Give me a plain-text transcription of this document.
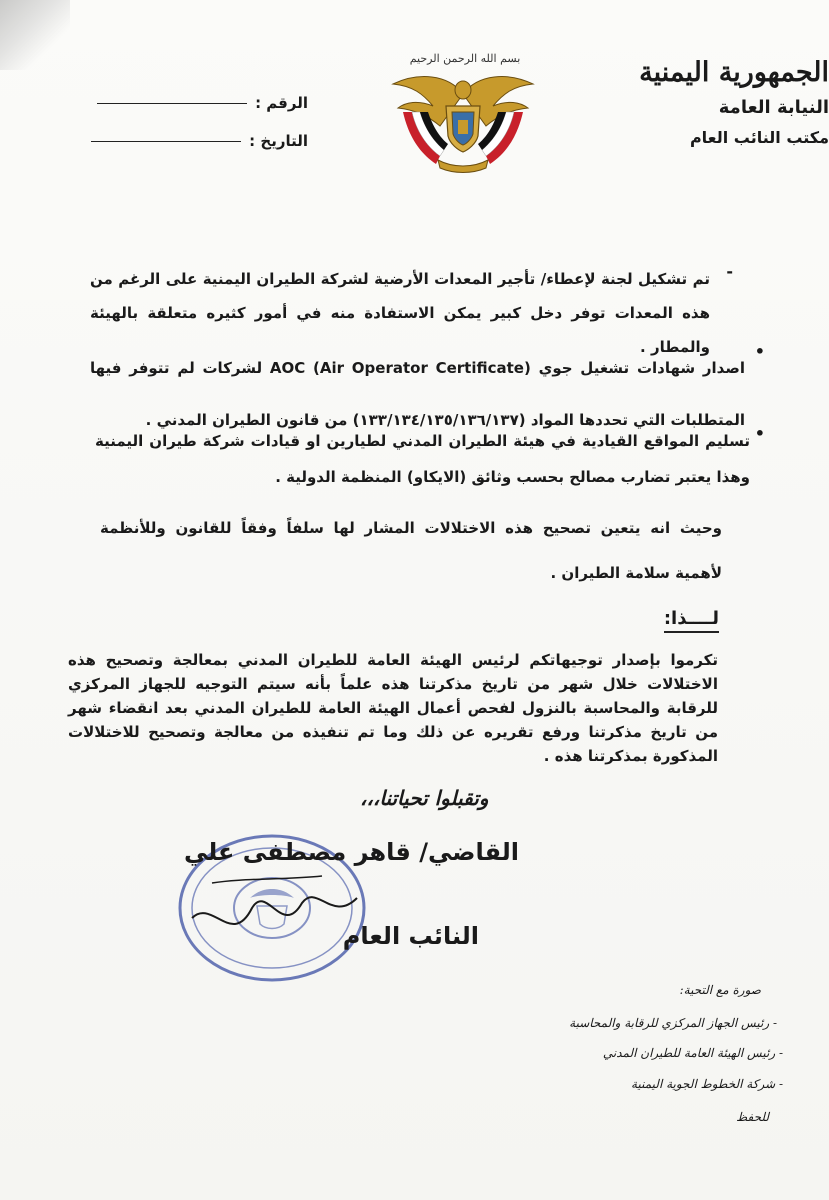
الجمهورية اليمنية
النيابة العامة
مكتب النائب العام
بسم الله الرحمن الرحيم
الرقم :
التاريخ :
-
تم تشكيل لجنة لإعطاء/ تأجير المعدات الأرضية لشركة الطيران اليمنية على الرغم من هذه المعدات توفر دخل كبير يمكن الاستفادة منه في أمور كثيره متعلقة بالهيئة والمطار .	•
اصدار شهادات تشغيل جوي AOC (Air Operator Certificate) لشركات لم تتوفر فيها المتطلبات التي تحددها المواد (١٣٣/١٣٤/١٣٥/١٣٦/١٣٧) من قانون الطيران المدني .
•
تسليم المواقع القيادية في هيئة الطيران المدني لطيارين او قيادات شركة طيران اليمنية وهذا يعتبر تضارب مصالح بحسب وثائق (الايكاو) المنظمة الدولية .
وحيث انه يتعين تصحيح هذه الاختلالات المشار لها سلفاً وفقاً للقانون وللأنظمة لأهمية سلامة الطيران .
لــــذا:
تكرموا بإصدار توجيهاتكم لرئيس الهيئة العامة للطيران المدني بمعالجة وتصحيح هذه الاختلالات خلال شهر من تاريخ مذكرتنا هذه علماً بأنه سيتم التوجيه للجهاز المركزي للرقابة والمحاسبة بالنزول لفحص أعمال الهيئة العامة للطيران المدني بعد انقضاء شهر من تاريخ مذكرتنا ورفع تقريره عن ذلك وما تم تنفيذه من معالجة وتصحيح للاختلالات المذكورة بمذكرتنا هذه .
وتقبلوا تحياتنا،،،
القاضي/ قاهر مصطفى علي
النائب العام
صورة مع التحية:
- رئيس الجهاز المركزي للرقابة والمحاسبة
- رئيس الهيئة العامة للطيران المدني
- شركة الخطوط الجوية اليمنية
للحفظ
